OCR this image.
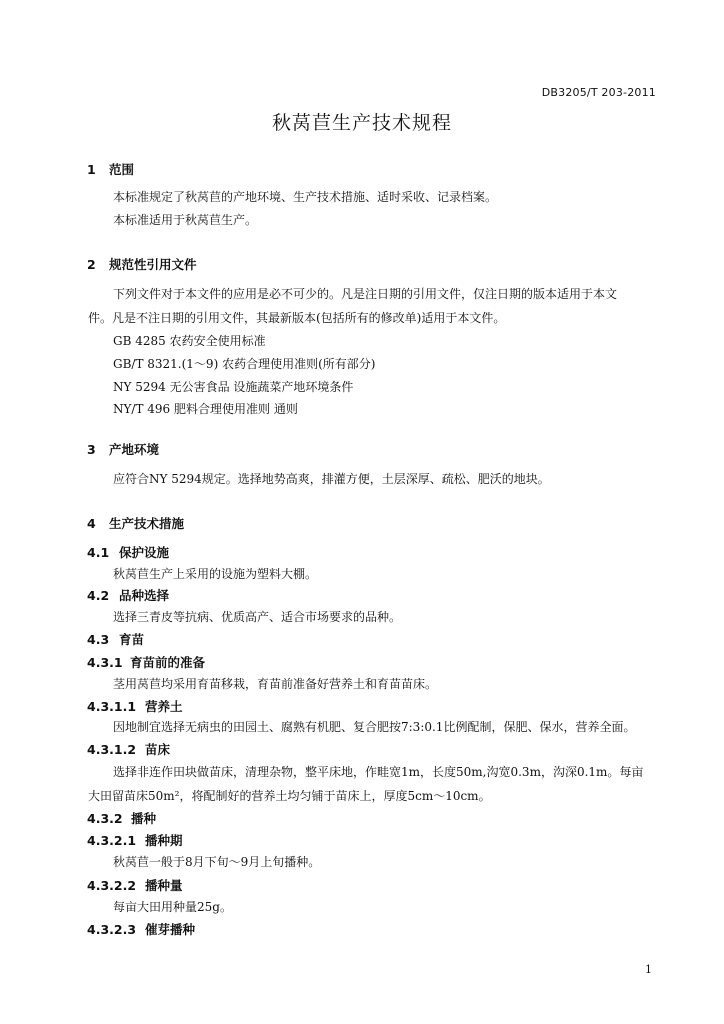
DB3205/T 203-2011
秋莴苣生产技术规程
1 范围
本标准规定了秋莴苣的产地环境、生产技术措施、适时采收、记录档案。
本标准适用于秋莴苣生产。
2 规范性引用文件
下列文件对于本文件的应用是必不可少的。凡是注日期的引用文件，仅注日期的版本适用于本文
件。凡是不注日期的引用文件，其最新版本(包括所有的修改单)适用于本文件。
GB 4285 农药安全使用标准
GB/T 8321.(1～9) 农药合理使用准则(所有部分)
NY 5294 无公害食品 设施蔬菜产地环境条件
NY/T 496 肥料合理使用准则 通则
3 产地环境
应符合NY 5294规定。选择地势高爽，排灌方便，土层深厚、疏松、肥沃的地块。
4 生产技术措施
4.1 保护设施
秋莴苣生产上采用的设施为塑料大棚。
4.2 品种选择
选择三青皮等抗病、优质高产、适合市场要求的品种。
4.3 育苗
4.3.1 育苗前的准备
茎用莴苣均采用育苗移栽，育苗前准备好营养土和育苗苗床。
4.3.1.1 营养土
因地制宜选择无病虫的田园土、腐熟有机肥、复合肥按7:3:0.1比例配制，保肥、保水，营养全面。
4.3.1.2 苗床
选择非连作田块做苗床，清理杂物，整平床地，作畦宽1m，长度50m,沟宽0.3m，沟深0.1m。每亩
大田留苗床50m²，将配制好的营养土均匀铺于苗床上，厚度5cm～10cm。
4.3.2 播种
4.3.2.1 播种期
秋莴苣一般于8月下旬～9月上旬播种。
4.3.2.2 播种量
每亩大田用种量25g。
4.3.2.3 催芽播种
1
